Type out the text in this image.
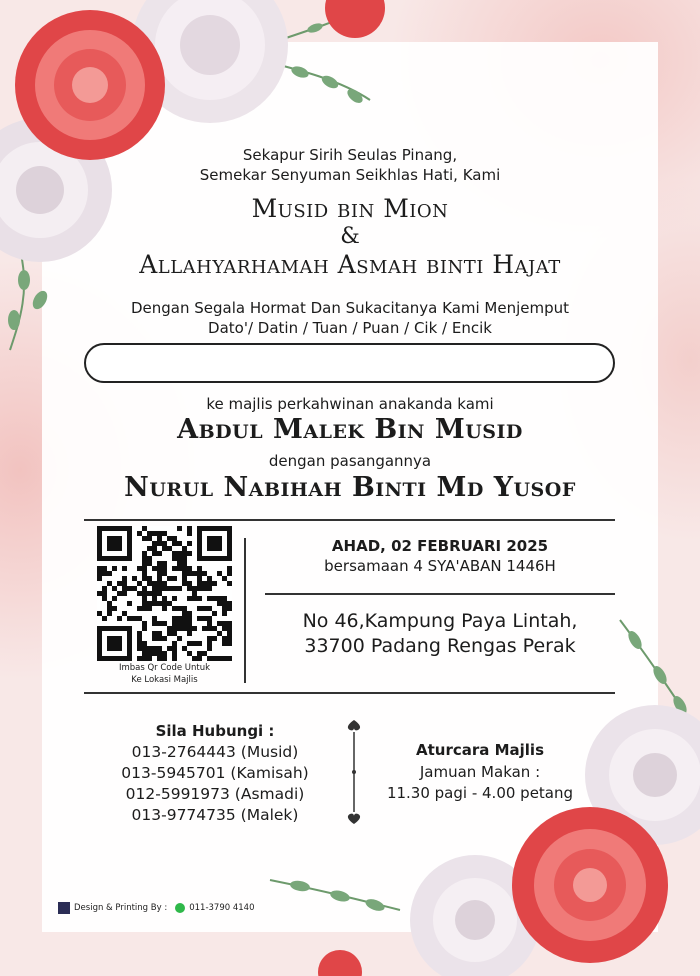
Sekapur Sirih Seulas Pinang,
Semekar Senyuman Seikhlas Hati, Kami
Musid bin Mion
&
Allahyarhamah Asmah binti Hajat
Dengan Segala Hormat Dan Sukacitanya Kami Menjemput
Dato'/ Datin / Tuan / Puan / Cik / Encik
ke majlis perkahwinan anakanda kami
Abdul Malek Bin Musid
dengan pasangannya
Nurul Nabihah Binti Md Yusof
Imbas Qr Code Untuk
Ke Lokasi Majlis
AHAD, 02 FEBRUARI 2025
bersamaan 4 SYA'ABAN 1446H
No 46,Kampung Paya Lintah,
33700 Padang Rengas Perak
Sila Hubungi :
013-2764443 (Musid)
013-5945701 (Kamisah)
012-5991973 (Asmadi)
013-9774735 (Malek)
Aturcara Majlis
Jamuan Makan :
11.30 pagi - 4.00 petang
Design & Printing By :	011-3790 4140
